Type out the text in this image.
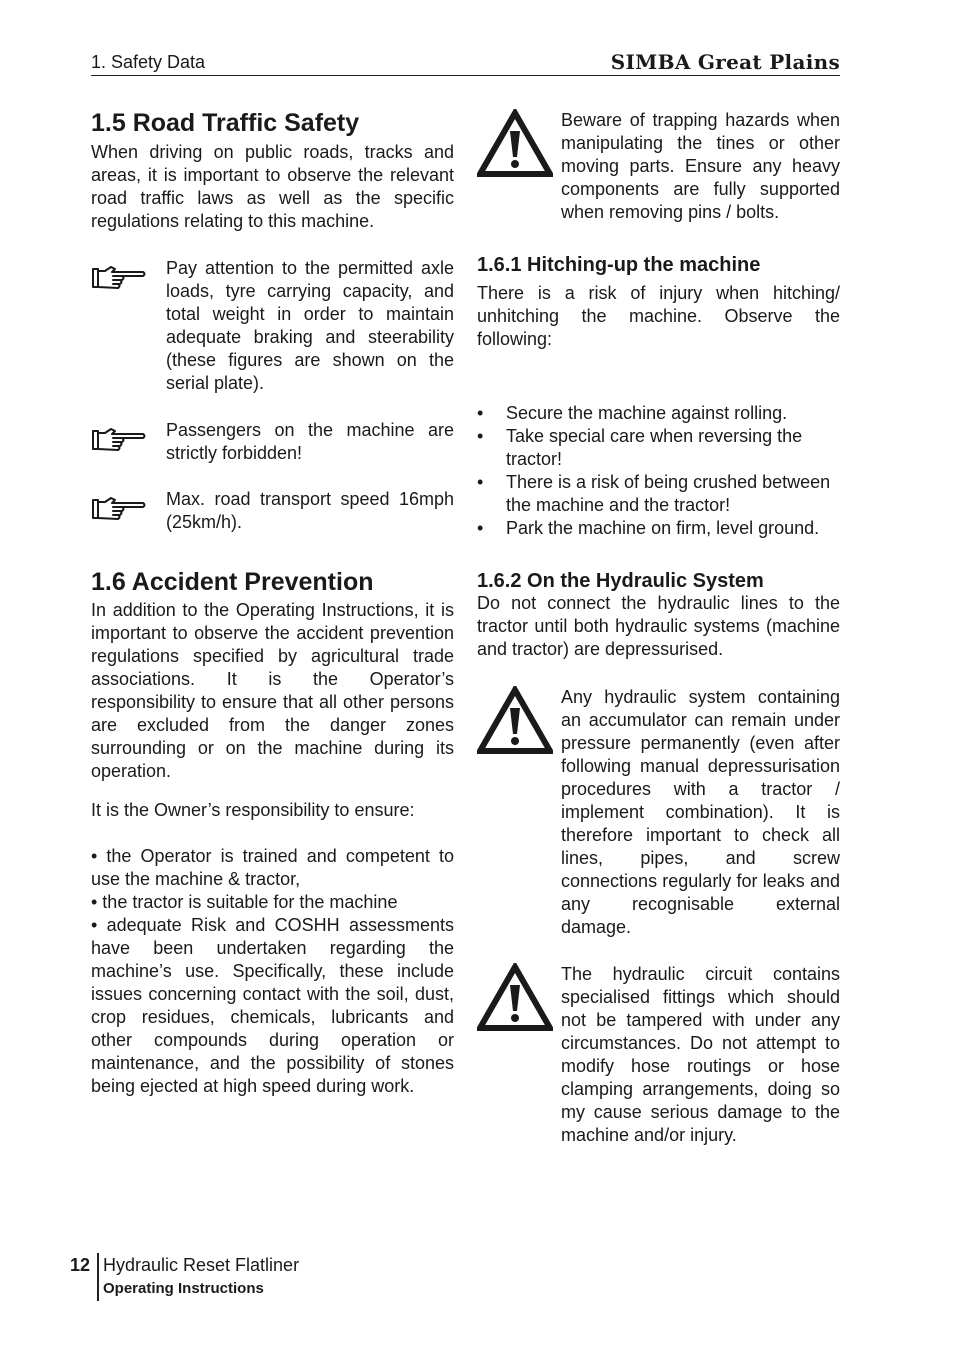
1. Safety Data	SIMBA Great Plains
1.5 Road Traffic Safety
When driving on public roads, tracks and areas, it is important to observe the relevant road traffic laws as well as the specific regulations relating to this machine.
Pay attention to the permitted axle loads, tyre carrying capacity, and total weight in order to maintain adequate braking and steerability (these figures are shown on the serial plate).
Passengers on the machine are strictly forbidden!
Max. road transport speed 16mph (25km/h).
1.6 Accident Prevention
In addition to the Operating Instructions, it is important to observe the accident prevention regulations specified by agricultural trade associations. It is the Operator’s responsibility to ensure that all other persons are excluded from the danger zones surrounding or on the machine during its operation.
It is the Owner’s responsibility to ensure:

• the Operator is trained and competent to use the machine & tractor,

• the tractor is suitable for the machine

• adequate Risk and COSHH assessments have been undertaken regarding the machine’s use. Specifically, these include issues concerning contact with the soil, dust, crop residues, chemicals, lubricants and other compounds during operation or maintenance, and the possibility of stones being ejected at high speed during work.

Beware of trapping hazards when manipulating the tines or other moving parts. Ensure any heavy components are fully supported when removing pins / bolts.
1.6.1 Hitching-up the machine
There is a risk of injury when hitching/ unhitching the machine. Observe the following:
• Secure the machine against rolling.
• Take special care when reversing the tractor!
• There is a risk of being crushed between the machine and the tractor!
• Park the machine on firm, level ground.
1.6.2 On the Hydraulic System
Do not connect the hydraulic lines to the tractor until both hydraulic systems (machine and tractor) are depressurised.
Any hydraulic system containing an accumulator can remain under pressure permanently (even after following manual depressurisation procedures with a tractor / implement combination). It is therefore important to check all lines, pipes, and screw connections regularly for leaks and any recognisable external damage.
The hydraulic circuit contains specialised fittings which should not be tampered with under any circumstances. Do not attempt to modify hose routings or hose clamping arrangements, doing so my cause serious damage to the machine and/or injury.
12 Hydraulic Reset Flatliner
Operating Instructions
